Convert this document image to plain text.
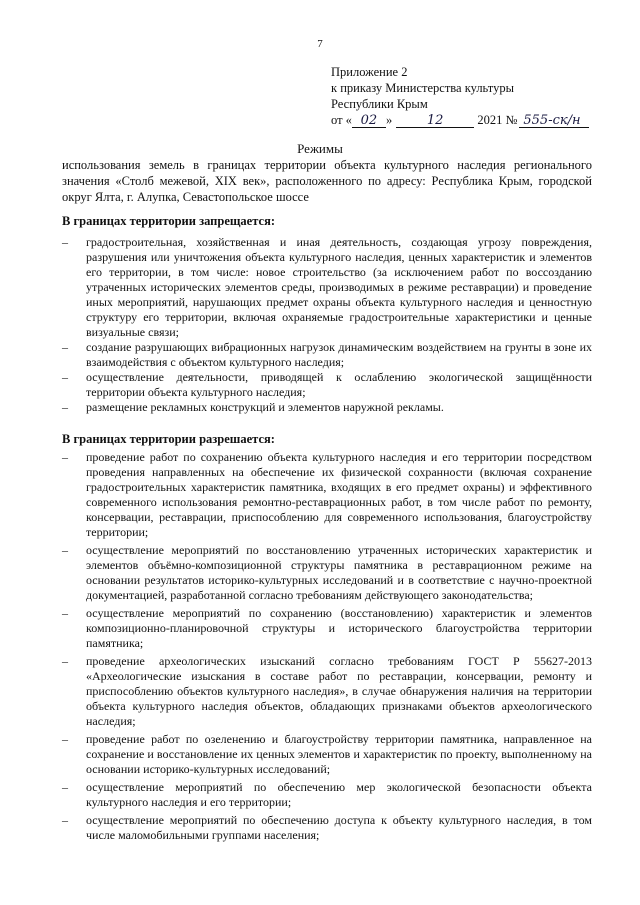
7
Приложение 2
к приказу Министерства культуры
Республики Крым
от « 02 »	12	2021 № 555-ск/н
Режимы
использования земель в границах территории объекта культурного наследия регионального значения «Столб межевой, XIX век», расположенного по адресу: Республика Крым, городской округ Ялта, г. Алупка, Севастопольское шоссе
В границах территории запрещается:
– градостроительная, хозяйственная и иная деятельность, создающая угрозу повреждения, разрушения или уничтожения объекта культурного наследия, ценных характеристик и элементов его территории, в том числе: новое строительство (за исключением работ по воссозданию утраченных исторических элементов среды, производимых в режиме реставрации) и проведение иных мероприятий, нарушающих предмет охраны объекта культурного наследия и ценностную структуру его территории, включая охраняемые градостроительные характеристики и ценные визуальные связи;
– создание разрушающих вибрационных нагрузок динамическим воздействием на грунты в зоне их взаимодействия с объектом культурного наследия;
– осуществление деятельности, приводящей к ослаблению экологической защищённости территории объекта культурного наследия;
– размещение рекламных конструкций и элементов наружной рекламы.
В границах территории разрешается:
– проведение работ по сохранению объекта культурного наследия и его территории посредством проведения направленных на обеспечение их физической сохранности (включая сохранение градостроительных характеристик памятника, входящих в его предмет охраны) и эффективного современного использования ремонтно-реставрационных работ, в том числе работ по ремонту, консервации, реставрации, приспособлению для современного использования, благоустройству территории;
– осуществление мероприятий по восстановлению утраченных исторических характеристик и элементов объёмно-композиционной структуры памятника в реставрационном режиме на основании результатов историко-культурных исследований и в соответствие с научно-проектной документацией, разработанной согласно требованиям действующего законодательства;
– осуществление мероприятий по сохранению (восстановлению) характеристик и элементов композиционно-планировочной структуры и исторического благоустройства территории памятника;
– проведение археологических изысканий согласно требованиям ГОСТ Р 55627-2013 «Археологические изыскания в составе работ по реставрации, консервации, ремонту и приспособлению объектов культурного наследия», в случае обнаружения наличия на территории объекта культурного наследия объектов, обладающих признаками объектов археологического наследия;
– проведение работ по озеленению и благоустройству территории памятника, направленное на сохранение и восстановление их ценных элементов и характеристик по проекту, выполненному на основании историко-культурных исследований;
– осуществление мероприятий по обеспечению мер экологической безопасности объекта культурного наследия и его территории;
– осуществление мероприятий по обеспечению доступа к объекту культурного наследия, в том числе маломобильными группами населения;
